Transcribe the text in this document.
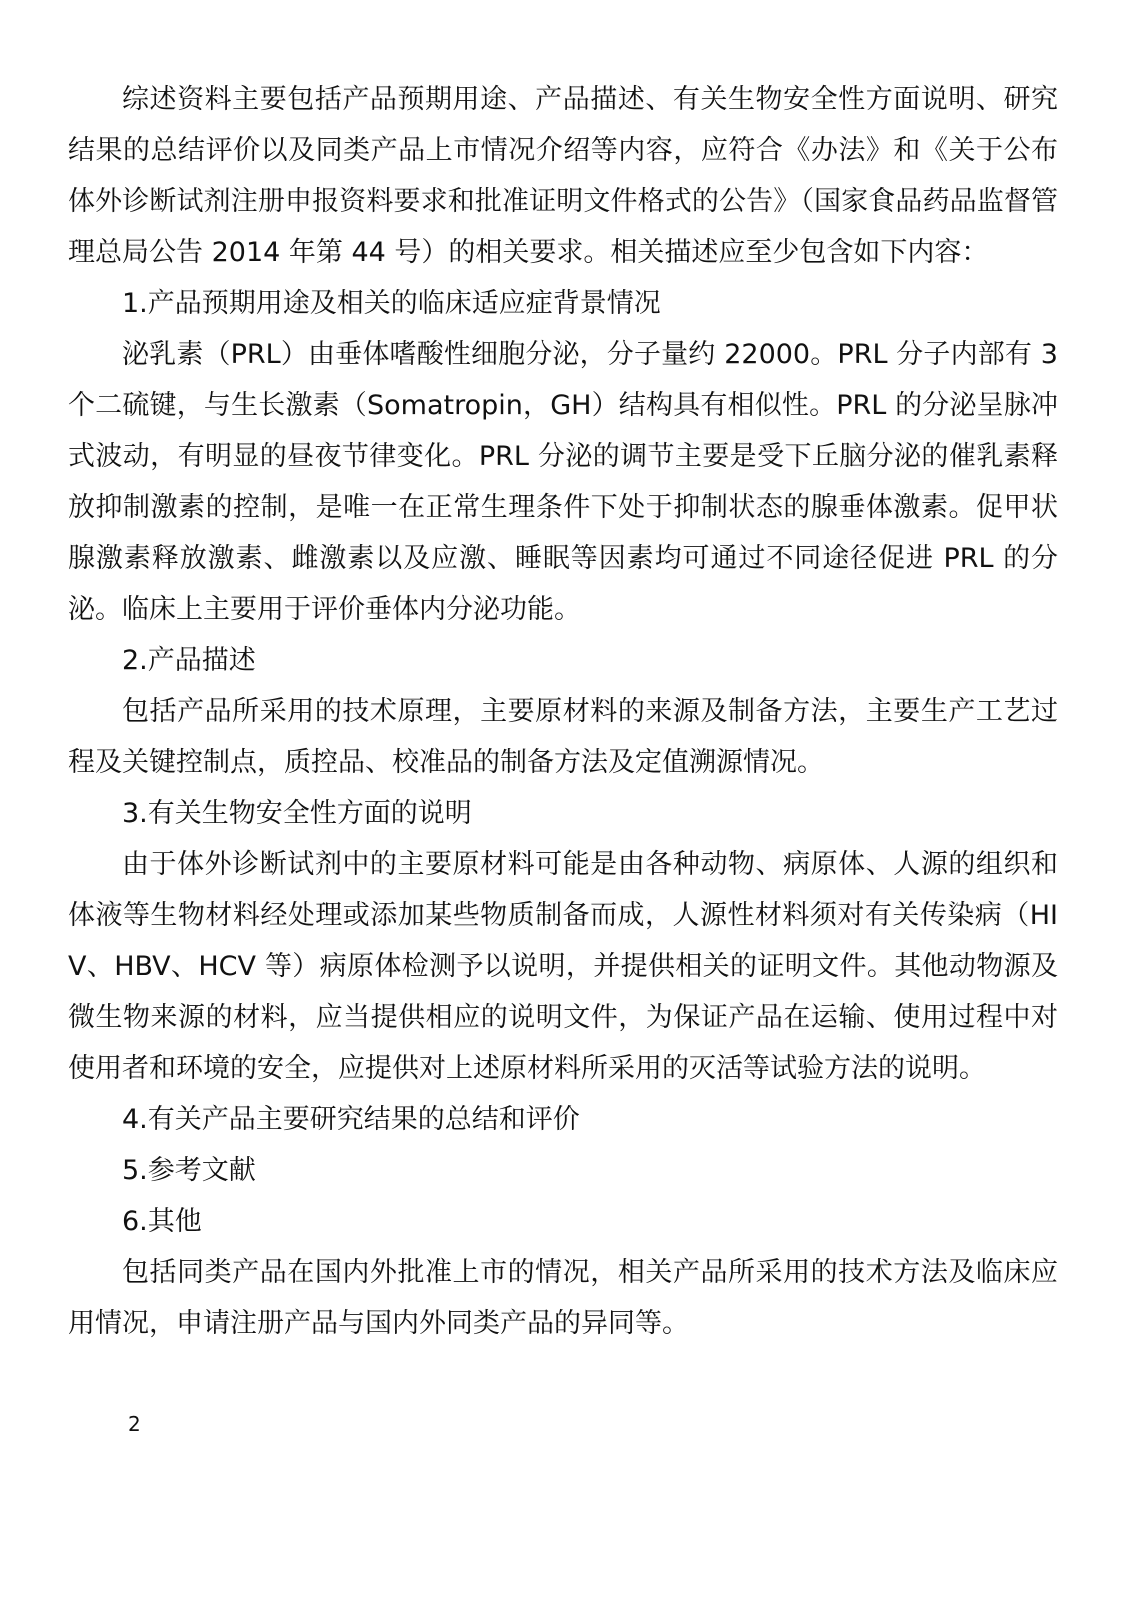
综述资料主要包括产品预期用途、产品描述、有关生物安全性方面说明、研究结果的总结评价以及同类产品上市情况介绍等内容，应符合《办法》和《关于公布体外诊断试剂注册申报资料要求和批准证明文件格式的公告》（国家食品药品监督管理总局公告 2014 年第 44 号）的相关要求。相关描述应至少包含如下内容：

1.产品预期用途及相关的临床适应症背景情况

泌乳素（PRL）由垂体嗜酸性细胞分泌，分子量约 22000。PRL 分子内部有 3 个二硫键，与生长激素（Somatropin，GH）结构具有相似性。PRL 的分泌呈脉冲式波动，有明显的昼夜节律变化。PRL 分泌的调节主要是受下丘脑分泌的催乳素释放抑制激素的控制，是唯一在正常生理条件下处于抑制状态的腺垂体激素。促甲状腺激素释放激素、雌激素以及应激、睡眠等因素均可通过不同途径促进 PRL 的分泌。临床上主要用于评价垂体内分泌功能。

2.产品描述

包括产品所采用的技术原理，主要原材料的来源及制备方法，主要生产工艺过程及关键控制点，质控品、校准品的制备方法及定值溯源情况。

3.有关生物安全性方面的说明

由于体外诊断试剂中的主要原材料可能是由各种动物、病原体、人源的组织和体液等生物材料经处理或添加某些物质制备而成，人源性材料须对有关传染病（HIV、HBV、HCV 等）病原体检测予以说明，并提供相关的证明文件。其他动物源及微生物来源的材料，应当提供相应的说明文件，为保证产品在运输、使用过程中对使用者和环境的安全，应提供对上述原材料所采用的灭活等试验方法的说明。

4.有关产品主要研究结果的总结和评价

5.参考文献

6.其他

包括同类产品在国内外批准上市的情况，相关产品所采用的技术方法及临床应用情况，申请注册产品与国内外同类产品的异同等。

2
